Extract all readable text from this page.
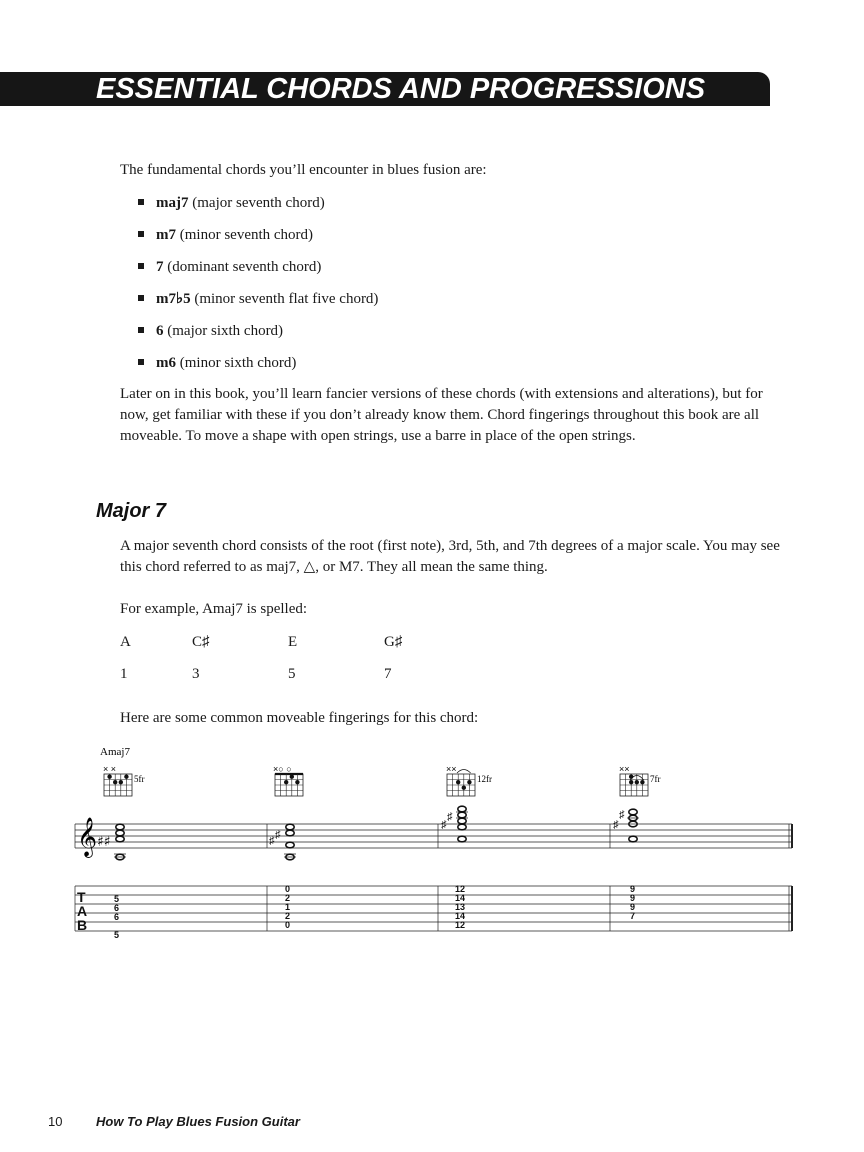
ESSENTIAL CHORDS AND PROGRESSIONS

The fundamental chords you’ll encounter in blues fusion are:

maj7 (major seventh chord)
m7 (minor seventh chord)
7 (dominant seventh chord)
m7♭5 (minor seventh flat five chord)
6 (major sixth chord)
m6 (minor sixth chord)

Later on in this book, you’ll learn fancier versions of these chords (with extensions and alterations), but for now, get familiar with these if you don’t already know them. Chord fingerings throughout this book are all moveable. To move a shape with open strings, use a barre in place of the open strings.

Major 7

A major seventh chord consists of the root (first note), 3rd, 5th, and 7th degrees of a major scale. You may see this chord referred to as maj7, △, or M7. They all mean the same thing.

For example, Amaj7 is spelled:

A	C♯	E	G♯
1	3	5	7

Here are some common moveable fingerings for this chord:

Amaj7
× ×
5fr
×○ ○	××
12fr
××
7fr
𝄞 ♯♯	♯ ♯
♯
♯
♯
♯
T
A
B
5
6
6
5
0
2
1
2
0
12
14
13
14
12
9
9
9
7
10	How To Play Blues Fusion Guitar
